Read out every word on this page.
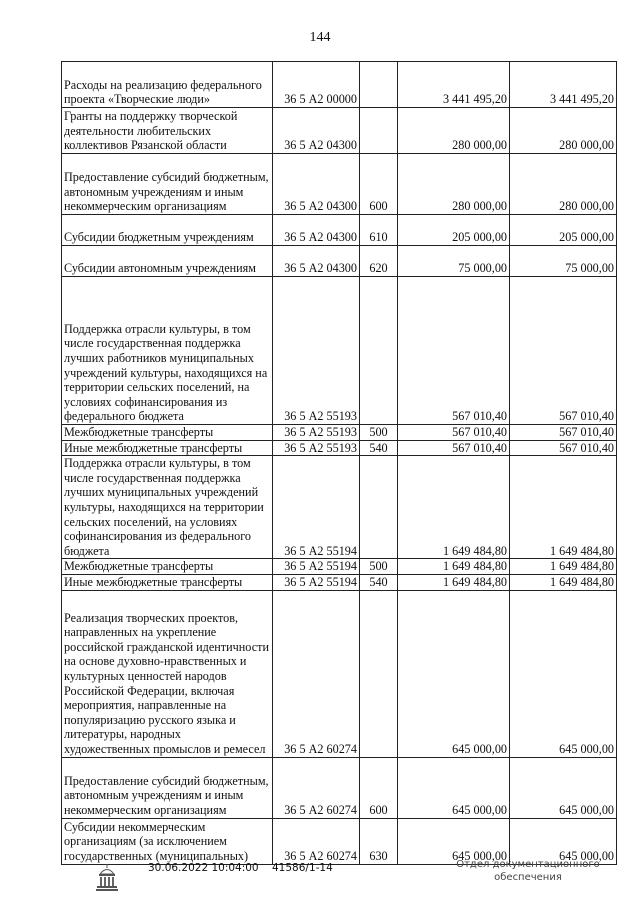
144
Расходы на реализацию федерального проекта «Творческие люди»	36 5 А2 00000		3 441 495,20	3 441 495,20
Гранты на поддержку творческой деятельности любительских коллективов Рязанской области	36 5 А2 04300		280 000,00	280 000,00
Предоставление субсидий бюджетным, автономным учреждениям и иным некоммерческим организациям	36 5 А2 04300	600	280 000,00	280 000,00
Субсидии бюджетным учреждениям	36 5 А2 04300	610	205 000,00	205 000,00
Субсидии автономным учреждениям	36 5 А2 04300	620	75 000,00	75 000,00
Поддержка отрасли культуры, в том числе государственная поддержка лучших работников муниципальных учреждений культуры, находящихся на территории сельских поселений, на условиях софинансирования из федерального бюджета	36 5 А2 55193		567 010,40	567 010,40
Межбюджетные трансферты	36 5 А2 55193	500	567 010,40	567 010,40
Иные межбюджетные трансферты	36 5 А2 55193	540	567 010,40	567 010,40
Поддержка отрасли культуры, в том числе государственная поддержка лучших муниципальных учреждений культуры, находящихся на территории сельских поселений, на условиях софинансирования из федерального бюджета	36 5 А2 55194		1 649 484,80	1 649 484,80
Межбюджетные трансферты	36 5 А2 55194	500	1 649 484,80	1 649 484,80
Иные межбюджетные трансферты	36 5 А2 55194	540	1 649 484,80	1 649 484,80
Реализация творческих проектов, направленных на укрепление российской гражданской идентичности на основе духовно-нравственных и культурных ценностей народов Российской Федерации, включая мероприятия, направленные на популяризацию русского языка и литературы, народных художественных промыслов и ремесел	36 5 А2 60274		645 000,00	645 000,00
Предоставление субсидий бюджетным, автономным учреждениям и иным некоммерческим организациям	36 5 А2 60274	600	645 000,00	645 000,00
Субсидии некоммерческим организациям (за исключением государственных (муниципальных)	36 5 А2 60274	630	645 000,00	645 000,00
30.06.2022 10:04:00 41586/1-14	Отдел документационного
обеспечения
